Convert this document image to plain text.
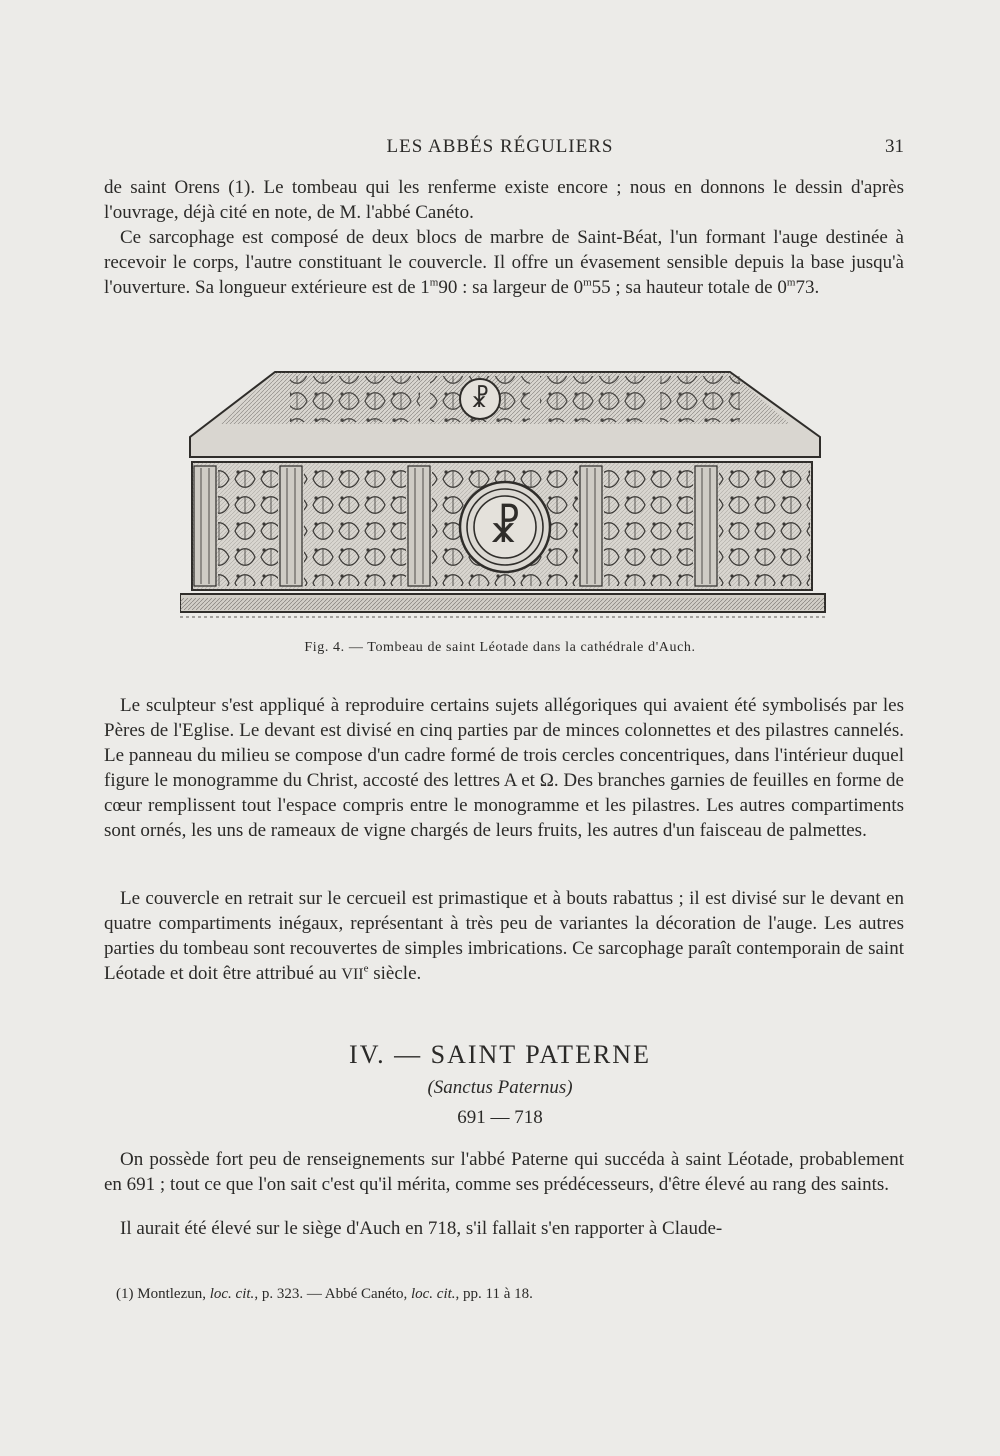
LES ABBÉS RÉGULIERS	31

de saint Orens (1). Le tombeau qui les renferme existe encore ; nous en donnons le dessin d'après l'ouvrage, déjà cité en note, de M. l'abbé Canéto.

Ce sarcophage est composé de deux blocs de marbre de Saint-Béat, l'un formant l'auge destinée à recevoir le corps, l'autre constituant le couvercle. Il offre un évasement sensible depuis la base jusqu'à l'ouverture. Sa longueur extérieure est de 1$^m$90 : sa largeur de 0$^m$55 ; sa hauteur totale de 0$^m$73.

☧
☧
Fig. 4. — Tombeau de saint Léotade dans la cathédrale d'Auch.

Le sculpteur s'est appliqué à reproduire certains sujets allégoriques qui avaient été symbolisés par les Pères de l'Eglise. Le devant est divisé en cinq parties par de minces colonnettes et des pilastres cannelés. Le panneau du milieu se compose d'un cadre formé de trois cercles concentriques, dans l'intérieur duquel figure le monogramme du Christ, accosté des lettres A et Ω. Des branches garnies de feuilles en forme de cœur remplissent tout l'espace compris entre le monogramme et les pilastres. Les autres compartiments sont ornés, les uns de rameaux de vigne chargés de leurs fruits, les autres d'un faisceau de palmettes.

Le couvercle en retrait sur le cercueil est primastique et à bouts rabattus ; il est divisé sur le devant en quatre compartiments inégaux, représentant à très peu de variantes la décoration de l'auge. Les autres parties du tombeau sont recouvertes de simples imbrications. Ce sarcophage paraît contemporain de saint Léotade et doit être attribué au VIIe siècle.

IV. — SAINT PATERNE
(Sanctus Paternus)
691 — 718

On possède fort peu de renseignements sur l'abbé Paterne qui succéda à saint Léotade, probablement en 691 ; tout ce que l'on sait c'est qu'il mérita, comme ses prédécesseurs, d'être élevé au rang des saints.

Il aurait été élevé sur le siège d'Auch en 718, s'il fallait s'en rapporter à Claude-

(1) Montlezun, loc. cit., p. 323. — Abbé Canéto, loc. cit., pp. 11 à 18.
